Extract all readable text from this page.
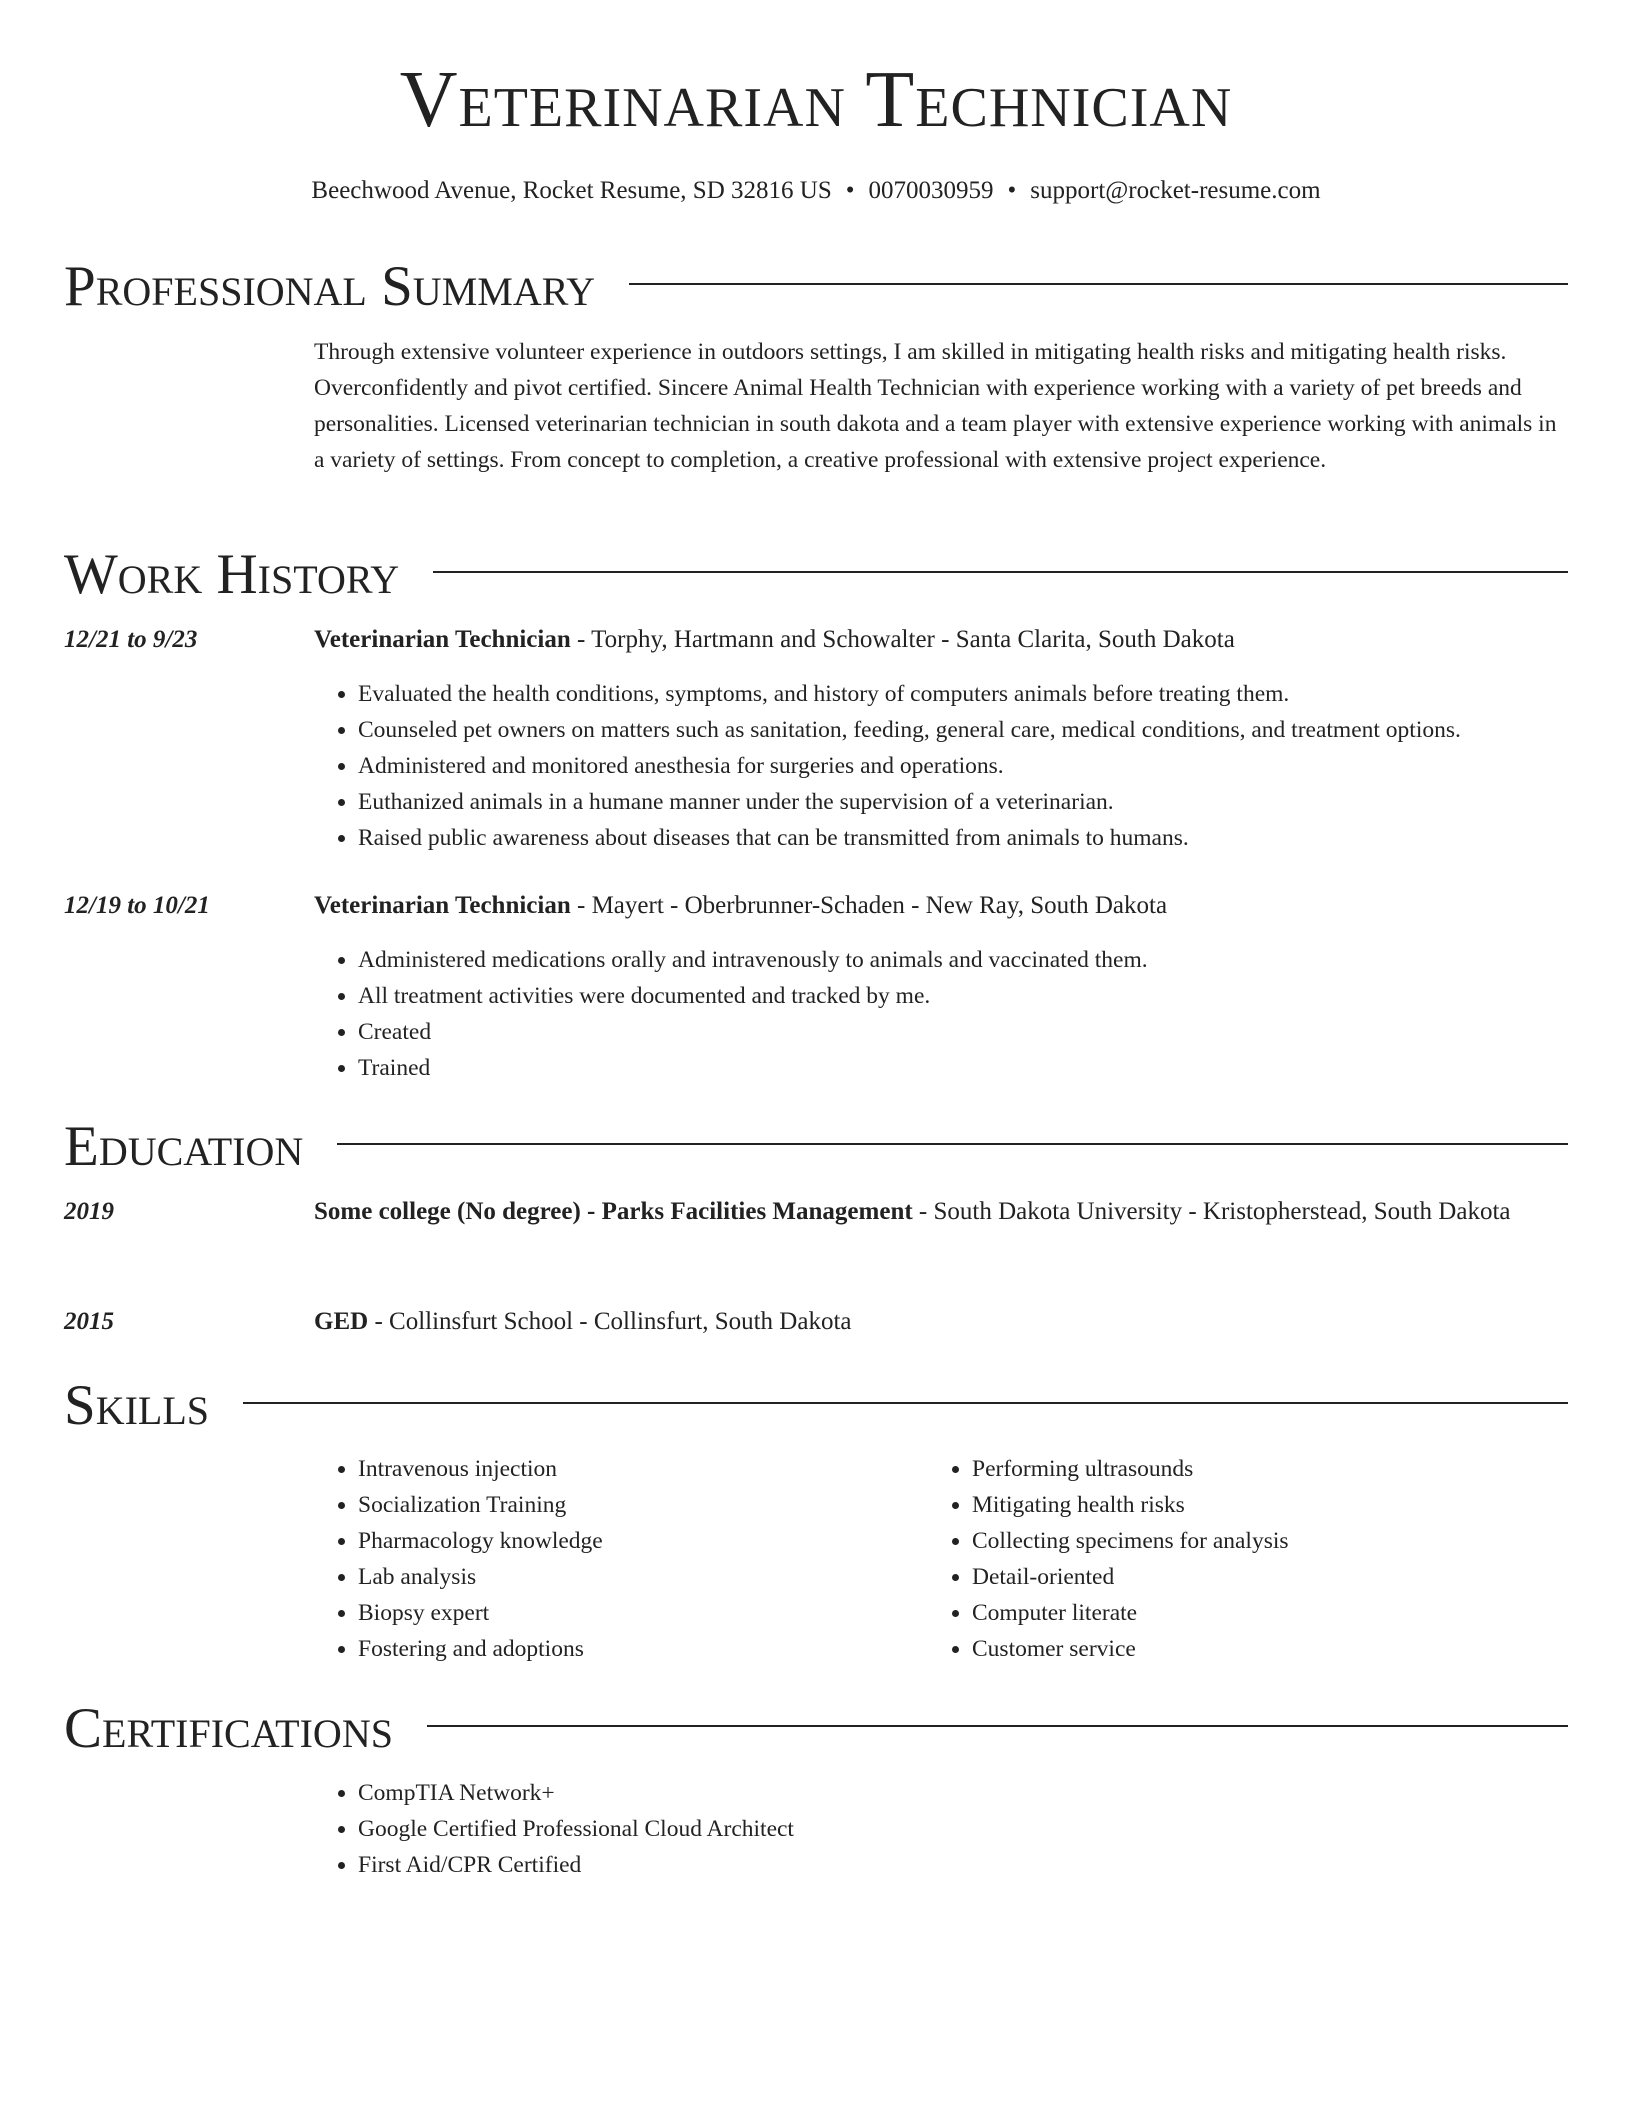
Veterinarian Technician
Beechwood Avenue, Rocket Resume, SD 32816 US • 0070030959 • support@rocket-resume.com
Professional Summary
Through extensive volunteer experience in outdoors settings, I am skilled in mitigating health risks and mitigating health risks. Overconfidently and pivot certified. Sincere Animal Health Technician with experience working with a variety of pet breeds and personalities. Licensed veterinarian technician in south dakota and a team player with extensive experience working with animals in a variety of settings. From concept to completion, a creative professional with extensive project experience.
Work History
12/21 to 9/23	Veterinarian Technician - Torphy, Hartmann and Schowalter - Santa Clarita, South Dakota
• Evaluated the health conditions, symptoms, and history of computers animals before treating them.
• Counseled pet owners on matters such as sanitation, feeding, general care, medical conditions, and treatment options.
• Administered and monitored anesthesia for surgeries and operations.
• Euthanized animals in a humane manner under the supervision of a veterinarian.
• Raised public awareness about diseases that can be transmitted from animals to humans.
12/19 to 10/21	Veterinarian Technician - Mayert - Oberbrunner-Schaden - New Ray, South Dakota
• Administered medications orally and intravenously to animals and vaccinated them.
• All treatment activities were documented and tracked by me.
• Created
• Trained
Education
2019	Some college (No degree) - Parks Facilities Management - South Dakota University - Kristopherstead, South Dakota
2015	GED - Collinsfurt School - Collinsfurt, South Dakota
Skills
• Intravenous injection
• Socialization Training
• Pharmacology knowledge
• Lab analysis
• Biopsy expert
• Fostering and adoptions
• Performing ultrasounds
• Mitigating health risks
• Collecting specimens for analysis
• Detail-oriented
• Computer literate
• Customer service
Certifications
• CompTIA Network+
• Google Certified Professional Cloud Architect
• First Aid/CPR Certified
